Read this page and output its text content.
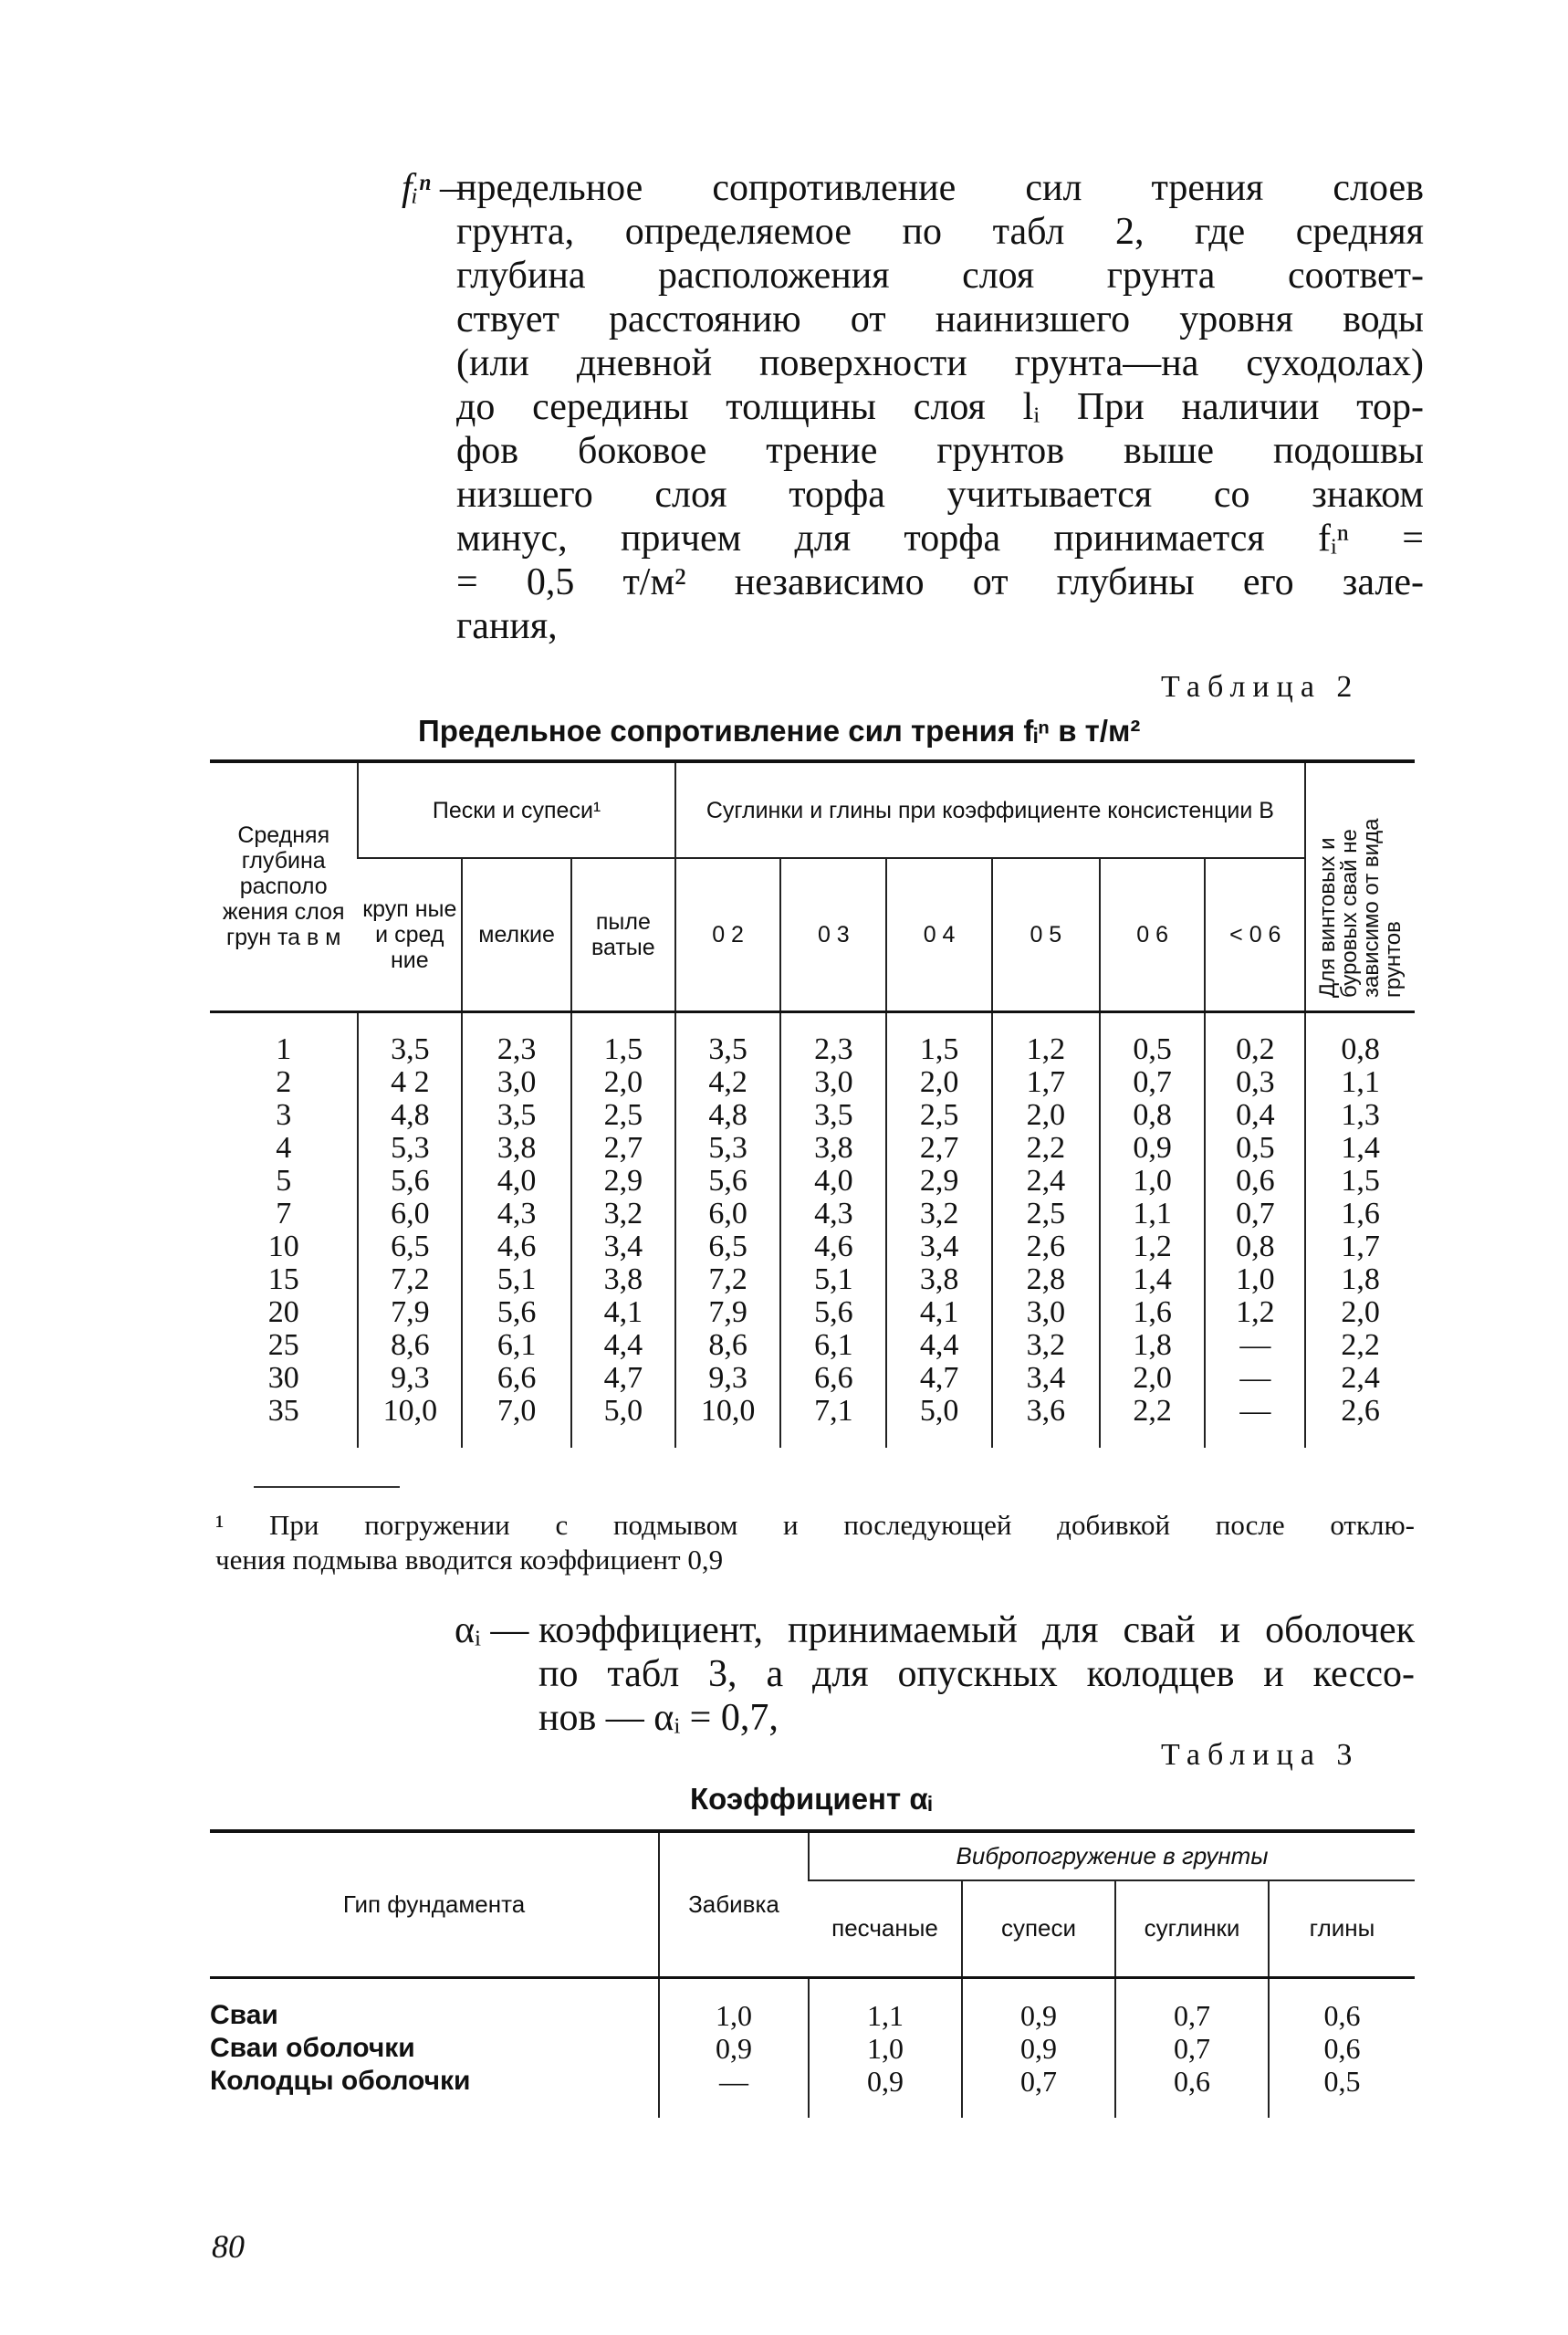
fᵢⁿ —
предельное сопротивление сил трения слоев
грунта, определяемое по табл 2, где средняя
глубина расположения слоя грунта соответ-
ствует расстоянию от наинизшего уровня воды
(или дневной поверхности грунта—на суходолах)
до середины толщины слоя lᵢ При наличии тор-
фов боковое трение грунтов выше подошвы
низшего слоя торфа учитывается со знаком
минус, причем для торфа принимается fᵢⁿ =
= 0,5 т/м² независимо от глубины его зале-
гания,
Таблица 2
Предельное сопротивление сил трения fᵢⁿ в т/м²
Средняя глубина располо жения слоя грун та в м	Пески и супеси¹			Суглинки и глины при коэффициенте консистенции B						Для винтовых и буровых свай не зависимо от вида грунтов
	круп ные и сред ние	мелкие	пыле ватые	0 2	0 3	0 4	0 5	0 6	< 0 6	
1	3,5	2,3	1,5	3,5	2,3	1,5	1,2	0,5	0,2	0,8
2	4 2	3,0	2,0	4,2	3,0	2,0	1,7	0,7	0,3	1,1
3	4,8	3,5	2,5	4,8	3,5	2,5	2,0	0,8	0,4	1,3
4	5,3	3,8	2,7	5,3	3,8	2,7	2,2	0,9	0,5	1,4
5	5,6	4,0	2,9	5,6	4,0	2,9	2,4	1,0	0,6	1,5
7	6,0	4,3	3,2	6,0	4,3	3,2	2,5	1,1	0,7	1,6
10	6,5	4,6	3,4	6,5	4,6	3,4	2,6	1,2	0,8	1,7
15	7,2	5,1	3,8	7,2	5,1	3,8	2,8	1,4	1,0	1,8
20	7,9	5,6	4,1	7,9	5,6	4,1	3,0	1,6	1,2	2,0
25	8,6	6,1	4,4	8,6	6,1	4,4	3,2	1,8	—	2,2
30	9,3	6,6	4,7	9,3	6,6	4,7	3,4	2,0	—	2,4
35	10,0	7,0	5,0	10,0	7,1	5,0	3,6	2,2	—	2,6
¹ При погружении с подмывом и последующей добивкой после отклю-
чения подмыва вводится коэффициент 0,9
αᵢ — коэффициент, принимаемый для свай и оболочек
по табл 3, а для опускных колодцев и кессо-
нов — αᵢ = 0,7,
Таблица 3
Коэффициент αᵢ
Гип фундамента	Забивка	Вибропогружение в грунты			
		песчаные	супеси	суглинки	глины
Сваи	1,0	1,1	0,9	0,7	0,6
Сваи оболочки	0,9	1,0	0,9	0,7	0,6
Колодцы оболочки	—	0,9	0,7	0,6	0,5
80
